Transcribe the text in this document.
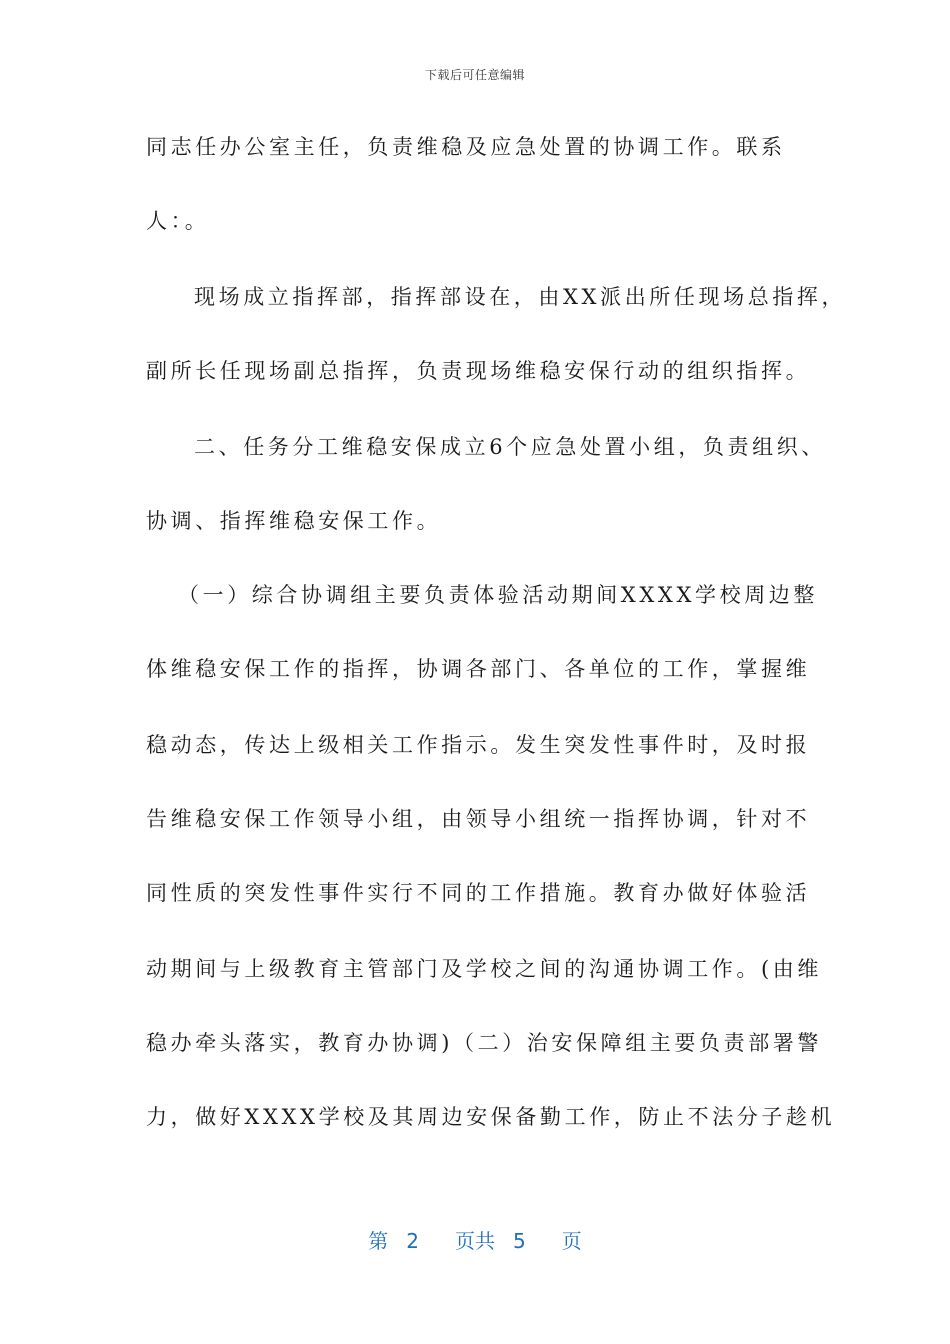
下载后可任意编辑
同志任办公室主任，负责维稳及应急处置的协调工作。联系
人：。
现场成立指挥部，指挥部设在，由XX派出所任现场总指挥，
副所长任现场副总指挥，负责现场维稳安保行动的组织指挥。
二、任务分工维稳安保成立6个应急处置小组，负责组织、
协调、指挥维稳安保工作。
（一）综合协调组主要负责体验活动期间XXXX学校周边整
体维稳安保工作的指挥，协调各部门、各单位的工作，掌握维
稳动态，传达上级相关工作指示。发生突发性事件时，及时报
告维稳安保工作领导小组，由领导小组统一指挥协调，针对不
同性质的突发性事件实行不同的工作措施。教育办做好体验活
动期间与上级教育主管部门及学校之间的沟通协调工作。(由维
稳办牵头落实，教育办协调)（二）治安保障组主要负责部署警
力，做好XXXX学校及其周边安保备勤工作，防止不法分子趁机
第 2 页共 5 页
